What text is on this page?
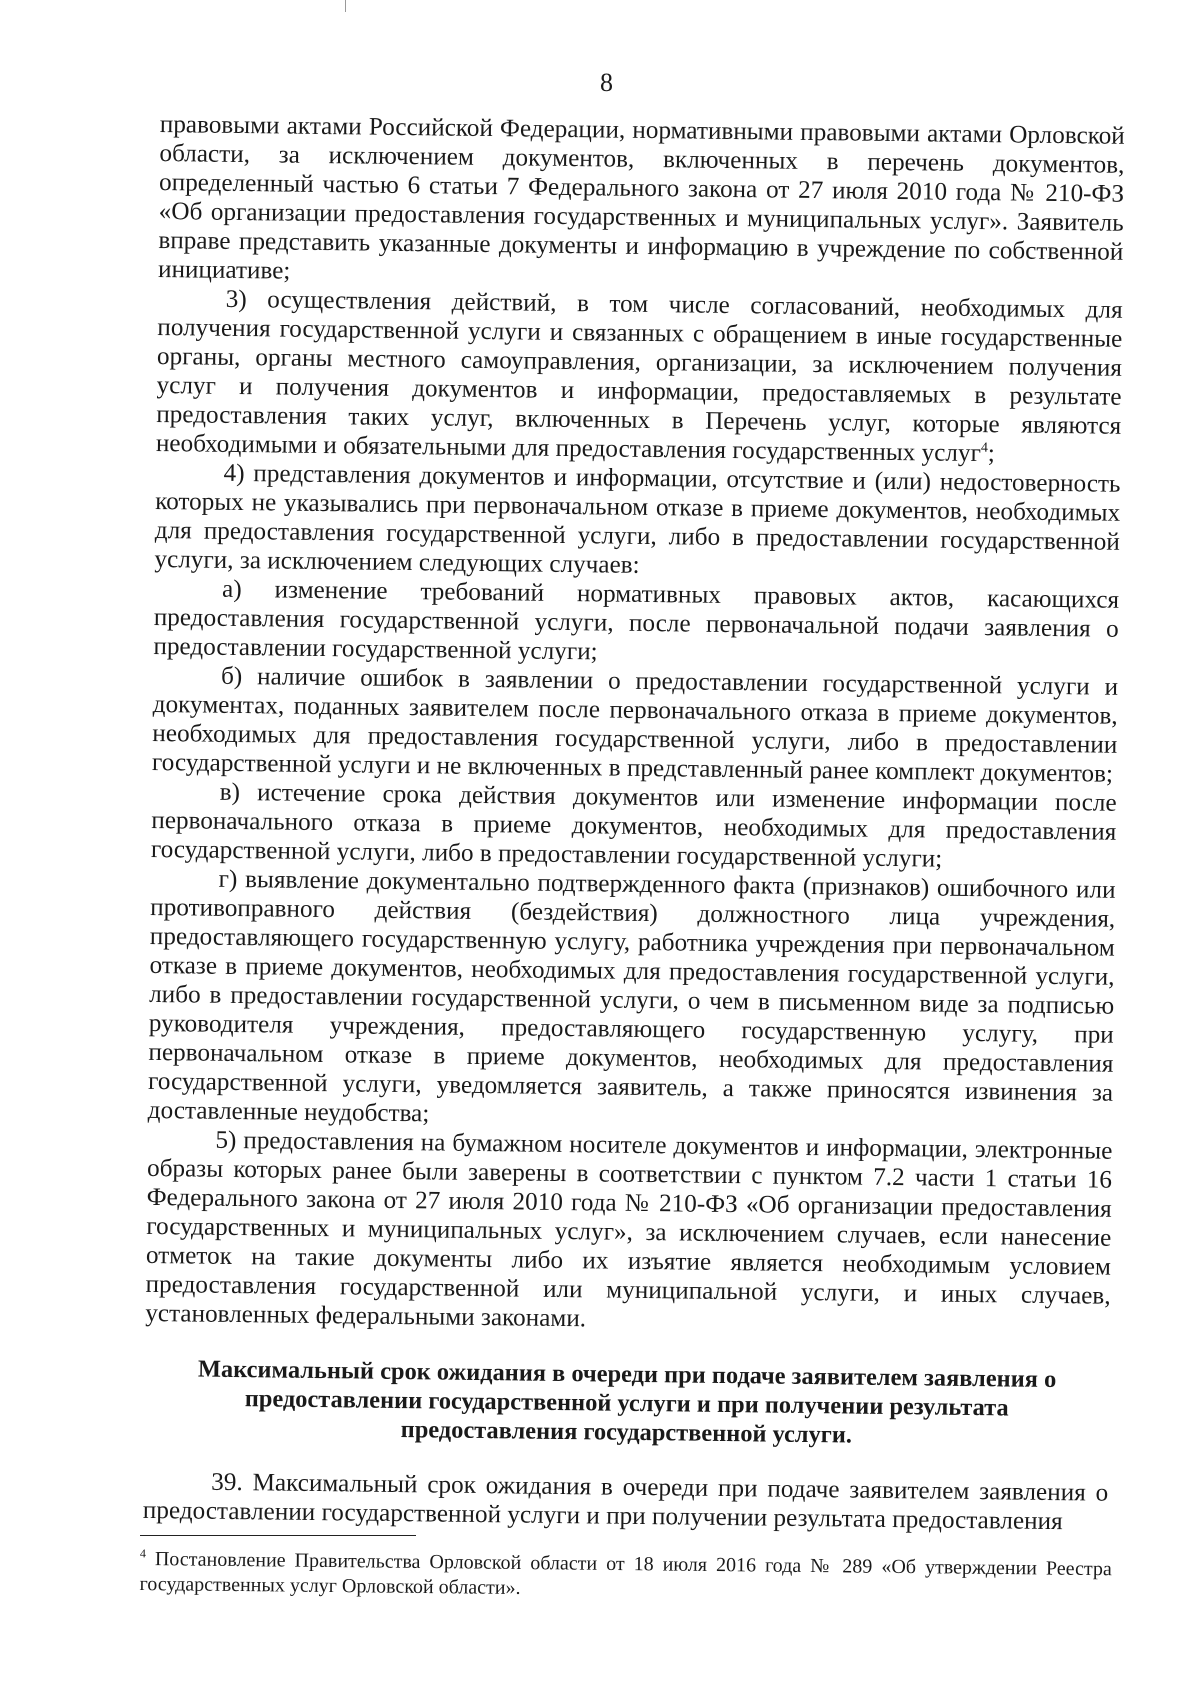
8

правовыми актами Российской Федерации, нормативными правовыми актами Орловской области, за исключением документов, включенных в перечень документов, определенный частью 6 статьи 7 Федерального закона от 27 июля 2010 года № 210-ФЗ «Об организации предоставления государственных и муниципальных услуг». Заявитель вправе представить указанные документы и информацию в учреждение по собственной инициативе;

3) осуществления действий, в том числе согласований, необходимых для получения государственной услуги и связанных с обращением в иные государственные органы, органы местного самоуправления, организации, за исключением получения услуг и получения документов и информации, предоставляемых в результате предоставления таких услуг, включенных в Перечень услуг, которые являются необходимыми и обязательными для предоставления государственных услуг$^4$;

4) представления документов и информации, отсутствие и (или) недостоверность которых не указывались при первоначальном отказе в приеме документов, необходимых для предоставления государственной услуги, либо в предоставлении государственной услуги, за исключением следующих случаев:

а) изменение требований нормативных правовых актов, касающихся предоставления государственной услуги, после первоначальной подачи заявления о предоставлении государственной услуги;

б) наличие ошибок в заявлении о предоставлении государственной услуги и документах, поданных заявителем после первоначального отказа в приеме документов, необходимых для предоставления государственной услуги, либо в предоставлении государственной услуги и не включенных в представленный ранее комплект документов;

в) истечение срока действия документов или изменение информации после первоначального отказа в приеме документов, необходимых для предоставления государственной услуги, либо в предоставлении государственной услуги;

г) выявление документально подтвержденного факта (признаков) ошибочного или противоправного действия (бездействия) должностного лица учреждения, предоставляющего государственную услугу, работника учреждения при первоначальном отказе в приеме документов, необходимых для предоставления государственной услуги, либо в предоставлении государственной услуги, о чем в письменном виде за подписью руководителя учреждения, предоставляющего государственную услугу, при первоначальном отказе в приеме документов, необходимых для предоставления государственной услуги, уведомляется заявитель, а также приносятся извинения за доставленные неудобства;

5) предоставления на бумажном носителе документов и информации, электронные образы которых ранее были заверены в соответствии с пунктом 7.2 части 1 статьи 16 Федерального закона от 27 июля 2010 года № 210-ФЗ «Об организации предоставления государственных и муниципальных услуг», за исключением случаев, если нанесение отметок на такие документы либо их изъятие является необходимым условием предоставления государственной или муниципальной услуги, и иных случаев, установленных федеральными законами.

Максимальный срок ожидания в очереди при подаче заявителем заявления о
предоставлении государственной услуги и при получении результата
предоставления государственной услуги.

39. Максимальный срок ожидания в очереди при подаче заявителем заявления о предоставлении государственной услуги и при получении результата предоставления

$^4$ Постановление Правительства Орловской области от 18 июля 2016 года № 289 «Об утверждении Реестра государственных услуг Орловской области».
